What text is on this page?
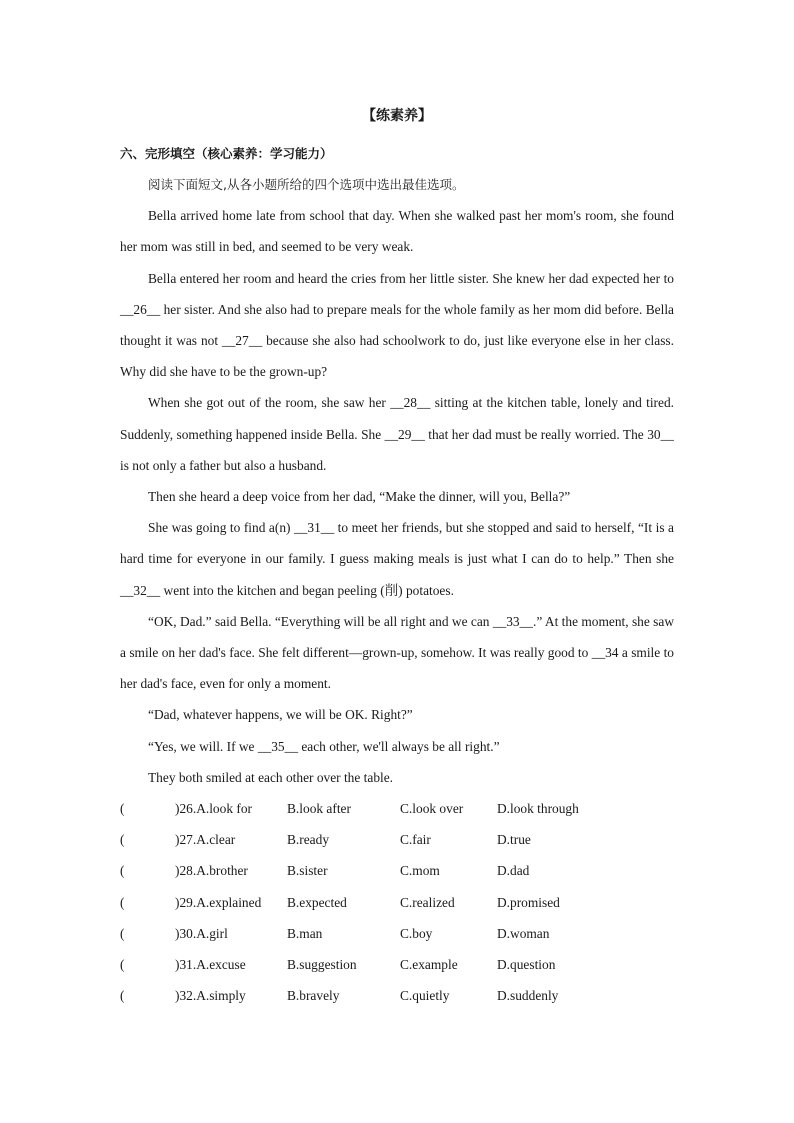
【练素养】
六、完形填空（核心素养：学习能力）

阅读下面短文,从各小题所给的四个选项中选出最佳选项。

Bella arrived home late from school that day. When she walked past her mom's room, she found her mom was still in bed, and seemed to be very weak.

Bella entered her room and heard the cries from her little sister. She knew her dad expected her to __26__ her sister. And she also had to prepare meals for the whole family as her mom did before. Bella thought it was not __27__ because she also had schoolwork to do, just like everyone else in her class. Why did she have to be the grown-up?

When she got out of the room, she saw her __28__ sitting at the kitchen table, lonely and tired. Suddenly, something happened inside Bella. She __29__ that her dad must be really worried. The 30__ is not only a father but also a husband.

Then she heard a deep voice from her dad, “Make the dinner, will you, Bella?”

She was going to find a(n) __31__ to meet her friends, but she stopped and said to herself, “It is a hard time for everyone in our family. I guess making meals is just what I can do to help.” Then she __32__ went into the kitchen and began peeling (削) potatoes.

“OK, Dad.” said Bella. “Everything will be all right and we can __33__.” At the moment, she saw a smile on her dad's face. She felt different—grown-up, somehow. It was really good to __34 a smile to her dad's face, even for only a moment.

“Dad, whatever happens, we will be OK. Right?”

“Yes, we will. If we __35__ each other, we'll always be all right.”

They both smiled at each other over the table.

(	)26.A.look for	B.look after	C.look over	D.look through
(	)27.A.clear	B.ready	C.fair	D.true
(	)28.A.brother	B.sister	C.mom	D.dad
(	)29.A.explained B.expected	C.realized	D.promised
(	)30.A.girl	B.man	C.boy	D.woman
(	)31.A.excuse	B.suggestion	C.example	D.question
(	)32.A.simply	B.bravely	C.quietly	D.suddenly
